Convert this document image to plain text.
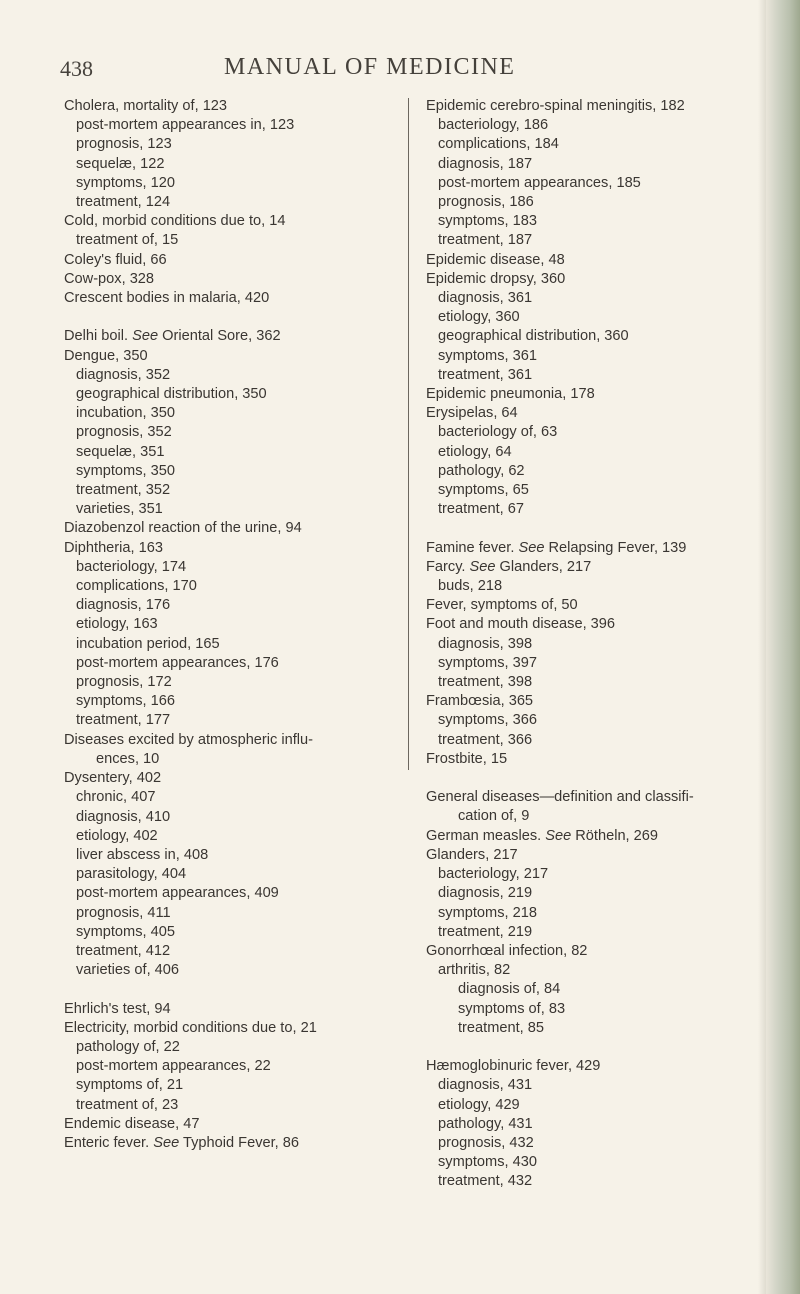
438	MANUAL OF MEDICINE
Cholera, mortality of, 123
post-mortem appearances in, 123
prognosis, 123
sequelæ, 122
symptoms, 120
treatment, 124
Cold, morbid conditions due to, 14
treatment of, 15
Coley's fluid, 66
Cow-pox, 328
Crescent bodies in malaria, 420
Delhi boil. See Oriental Sore, 362
Dengue, 350
diagnosis, 352
geographical distribution, 350
incubation, 350
prognosis, 352
sequelæ, 351
symptoms, 350
treatment, 352
varieties, 351
Diazobenzol reaction of the urine, 94
Diphtheria, 163
bacteriology, 174
complications, 170
diagnosis, 176
etiology, 163
incubation period, 165
post-mortem appearances, 176
prognosis, 172
symptoms, 166
treatment, 177
Diseases excited by atmospheric influ-
ences, 10
Dysentery, 402
chronic, 407
diagnosis, 410
etiology, 402
liver abscess in, 408
parasitology, 404
post-mortem appearances, 409
prognosis, 411
symptoms, 405
treatment, 412
varieties of, 406
Ehrlich's test, 94
Electricity, morbid conditions due to, 21
pathology of, 22
post-mortem appearances, 22
symptoms of, 21
treatment of, 23
Endemic disease, 47
Enteric fever. See Typhoid Fever, 86
Epidemic cerebro-spinal meningitis, 182
bacteriology, 186
complications, 184
diagnosis, 187
post-mortem appearances, 185
prognosis, 186
symptoms, 183
treatment, 187
Epidemic disease, 48
Epidemic dropsy, 360
diagnosis, 361
etiology, 360
geographical distribution, 360
symptoms, 361
treatment, 361
Epidemic pneumonia, 178
Erysipelas, 64
bacteriology of, 63
etiology, 64
pathology, 62
symptoms, 65
treatment, 67
Famine fever. See Relapsing Fever, 139
Farcy. See Glanders, 217
buds, 218
Fever, symptoms of, 50
Foot and mouth disease, 396
diagnosis, 398
symptoms, 397
treatment, 398
Frambœsia, 365
symptoms, 366
treatment, 366
Frostbite, 15
General diseases—definition and classifi-
cation of, 9
German measles. See Rötheln, 269
Glanders, 217
bacteriology, 217
diagnosis, 219
symptoms, 218
treatment, 219
Gonorrhœal infection, 82
arthritis, 82
diagnosis of, 84
symptoms of, 83
treatment, 85
Hæmoglobinuric fever, 429
diagnosis, 431
etiology, 429
pathology, 431
prognosis, 432
symptoms, 430
treatment, 432
